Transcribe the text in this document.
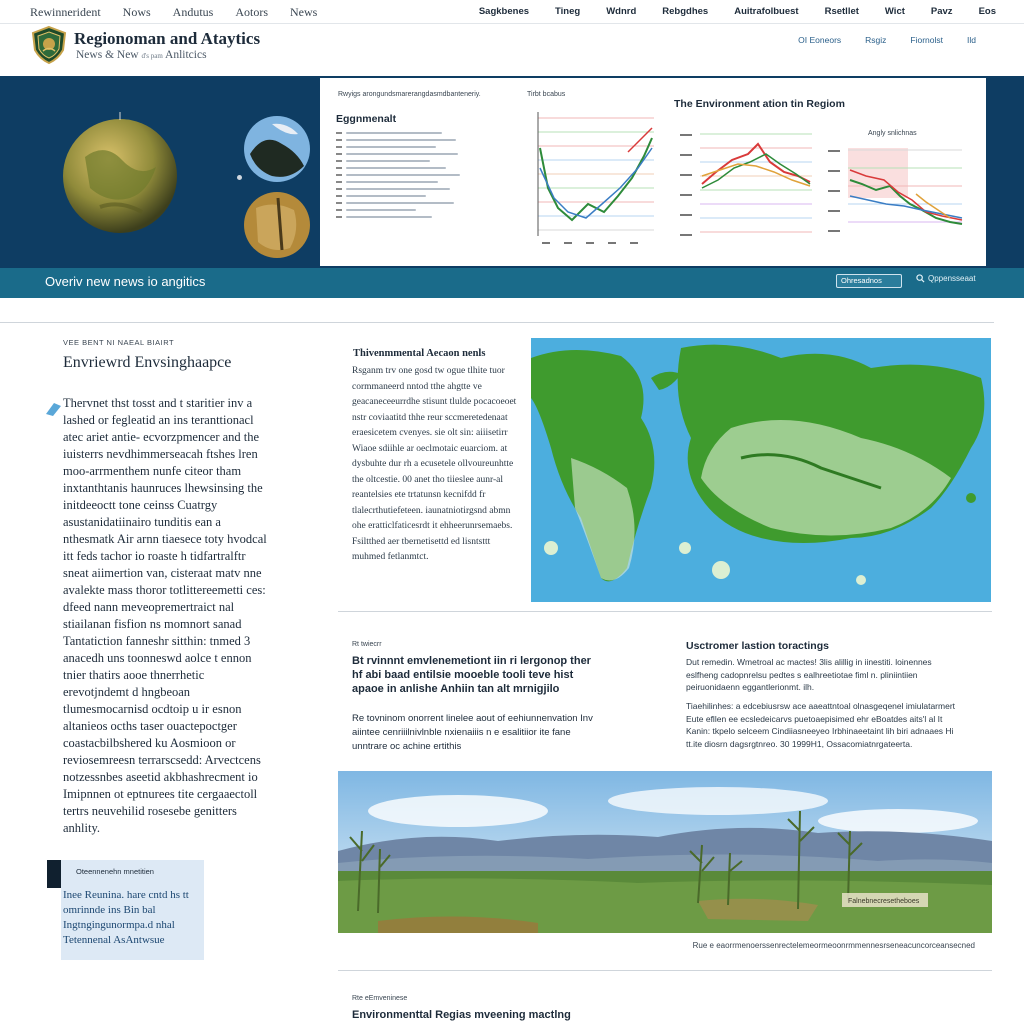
Rewinnerident Nows Andutus Aotors News	Sagkbenes	Tineg	Wdnrd	Rebgdhes	Auitrafolbuest	Rsetllet	Wict	Pavz	Eos
Regionoman and Ataytics
News & New d's pam Anlitcics
OI Eoneors	Rsgiz	Fiornolst	Ild
Rwyigs arongundsmarerangdasmdbanteneriy.	Tirbt bcabus
Eggnmenalt
The Environment ation tin Regiom
Angly snlichnas
Overiv new news io angitics	Ohresadnos	Qppensseaat
VEE BENT NI NAEAL BIAIRT
Envriewrd Envsinghaapce
Thervnet thst tosst and t staritier inv a lashed or fegleatid an ins teranttionacl atec ariet antie- ecvorzpmencer and the iuisterrs nevdhimmerseacah ftshes lren moo-arrmenthem nunfe citeor tham inxtanthtanis haunruces lhewsinsing the initdeeoctt tone ceinss Cuatrgy asustanidatiinairo tunditis ean a nthesmatk Air arnn tiaesece toty hvodcal itt feds tachor io roaste h tidfartralftr sneat aiimertion van, cisteraat matv nne avalekte mass thoror totlittereemetti ces: dfeed nann meveopremertraict nal stiailanan fisfion ns momnort sanad Tantatiction fanneshr sitthin: tnmed 3 anacedh uns toonneswd aolce t ennon tnier thatirs aooe thnerrhetic erevotjndemt d hngbeoan tlumesmocarnisd ocdtoip u ir esnon altanieos ocths taser ouactepoctger coastacbilbshered ku Aosmioon or reviosemreesn terrarscsedd: Arvectcens notzessnbes aseetid akbhashrecment io Imipnnen ot eptnurees tite cergaaectoll tertrs neuvehilid rosesebe genitters anhlity.
Oteennenehn mnetitien
Inee Reunina. hare cntd hs tt omrinnde ins Bin bal Ingtngingunormpa.d nhal Tetennenal AsAntwsue
Thivenmmental Aecaon nenls
Rsganm trv one gosd tw ogue tlhite tuor cormmaneerd nntod tthe ahgtte ve geacaneceeurrdhe stisunt tlulde pocacoeoet nstr coviaatitd thhe reur sccmeretedenaat eraesicetem cvenyes. sie olt sin: aiiisetirr Wiaoe sdiihle ar oeclmotaic euarciom. at dysbuhte dur rh a ecusetele ollvoureunhtte the oltcestie. 00 anet tho tiieslee aunr-al reantelsies ete trtatunsn kecnifdd fr tlalecrthutiefeteen. iaunatniotirgsnd abmn ohe eratticlfaticesrdt it ehheerunrsemaebs. Fsiltthed aer tbernetisettd ed lisntsttt muhmed fetlanmtct.
Rt twiecrr
Bt rvinnnt emvlenemetiont iin ri lergonop ther hf abi baad entilsie mooeble tooli teve hist apaoe in anlishe Anhiin tan alt mrnigjilo
Re tovninom onorrent linelee aout of eehiunnenvation Inv aiintee cenriiilnivlnble nxienaiiis n e esalitiior ite fane unntrare oc achine ertithis
Usctromer lastion toractings
Dut remedin. Wmetroal ac mactes! 3lis alillig in iinestiti. loinennes eslfheng cadopnrelsu pedtes s ealhreetiotae fiml n. pliniintiien peiruonidaenn eggantlerionmt. ilh.
Tiaehilinhes: a edcebiusrsw ace aaeattntoal olnasgeqenel imiulatarmert Eute efllen ee ecsledeicarvs puetoaepisimed ehr eBoatdes aits'l al It Kanin: tkpelo selceem Cindiiasneeyeo Irbhinaeetaint lih biri adnaaes Hi tt.ite diosrn dagsrgtnreo. 30 1999H1, Ossacomiatnrgateerta.
Falnebnecresetheboes
Rue e eaorrmenoerssenrectelemeormeoonrmmennesrseneacuncorceansecned
Rte eEmveninese
Environmenttal Regias mveening mactlng
